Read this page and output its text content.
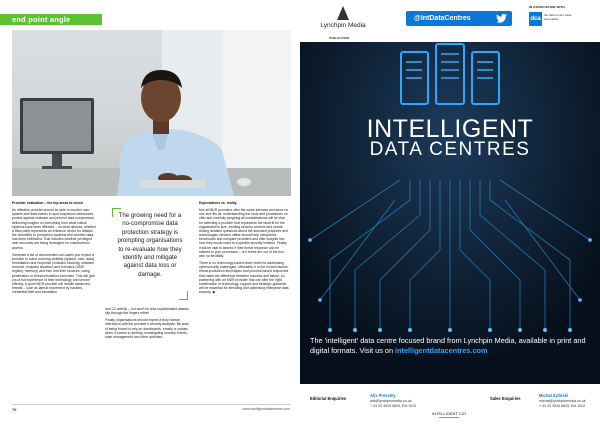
end point angle

Provider evaluation – the top areas to check

An effective provider should be able to monitor user, system and data events to spot suspicious behaviours, protect against malware and prevent data compromise, delivering insights on everything from what critical systems have been affected – on what devices, whether a third-party represents an entrance vector for attacks, the downtime to production systems and whether data has been exfiltrated. That includes whether privileged user accounts are being leveraged for unauthorised access.

Generate a list of documented use-cases you expect a provider to solve covering visibility (system, user, data), remediation and response (indicator blocking, malware removal, endpoint isolation) and forensics (SMP, registry, memory) and then test their services, using penetration or threat simulation exercises. This will give you a full experience of their technology and service offering. A good MDR provider will handle advanced threats – such as lateral movement by hackers, credential theft and escalation

The growing need for a no-compromise data protection strategy is prompting organisations to re-evaluate how they identify and mitigate against data loss or damage.

and C2 activity – but won't be less-sophisticated attacks slip through the fingers either.

Finally, organisations should expect a truly human interaction with the provider's security analysts. Be wary of being forced to rely on dashboards, emails or portals when it comes to alerting, investigating security events, case management and other activities.

Expectations vs. reality

Not all MDR providers offer the same services and since no one size fits all, understanding the tools and procedures on offer and carefully weighing all considerations will be vital for selecting a provider that represents the ideal fit for the organisation's size, existing security controls and needs. Asking detailed questions about the standard practices and technologies vendors utilise should help companies benchmark and compare providers and offer insights into how they would react to a specific security incident. Finally, it will be vital to assess if their threat response can be tailored to your processes – or if these are out of the box, with no flexibility.

There is no technology-based silver bullet for addressing cybersecurity challenges. Ultimately, it is the human factors, threat-production techniques and process-based responses that make the difference between success and failure, so partnering with an MDR provider that can offer the right combination of technology, support and strategic guidance will be essential for elevating and optimising enterprise data security. ◆

76	www.intelligentdatacentres.com
Lynchpin Media
PUBLICATION
@IntDataCentres
IN ASSOCIATION WITH
dca
the data centre trade association
INTELLIGENT
DATA CENTRES
The 'intelligent' data centre focused brand from Lynchpin Media, available in print and digital formats. Visit us on intelligentdatacentres.com
Editorial Enquiries
Alix Pressley
alix@lynchpinmedia.co.uk
+ 44 20 3026 6825, Ext 1022
Sales Enquiries
Michal Zylinski
michal@lynchpinmedia.co.uk
+ 44 20 3026 6825, Ext 1002
INTELLIGENT CIO
